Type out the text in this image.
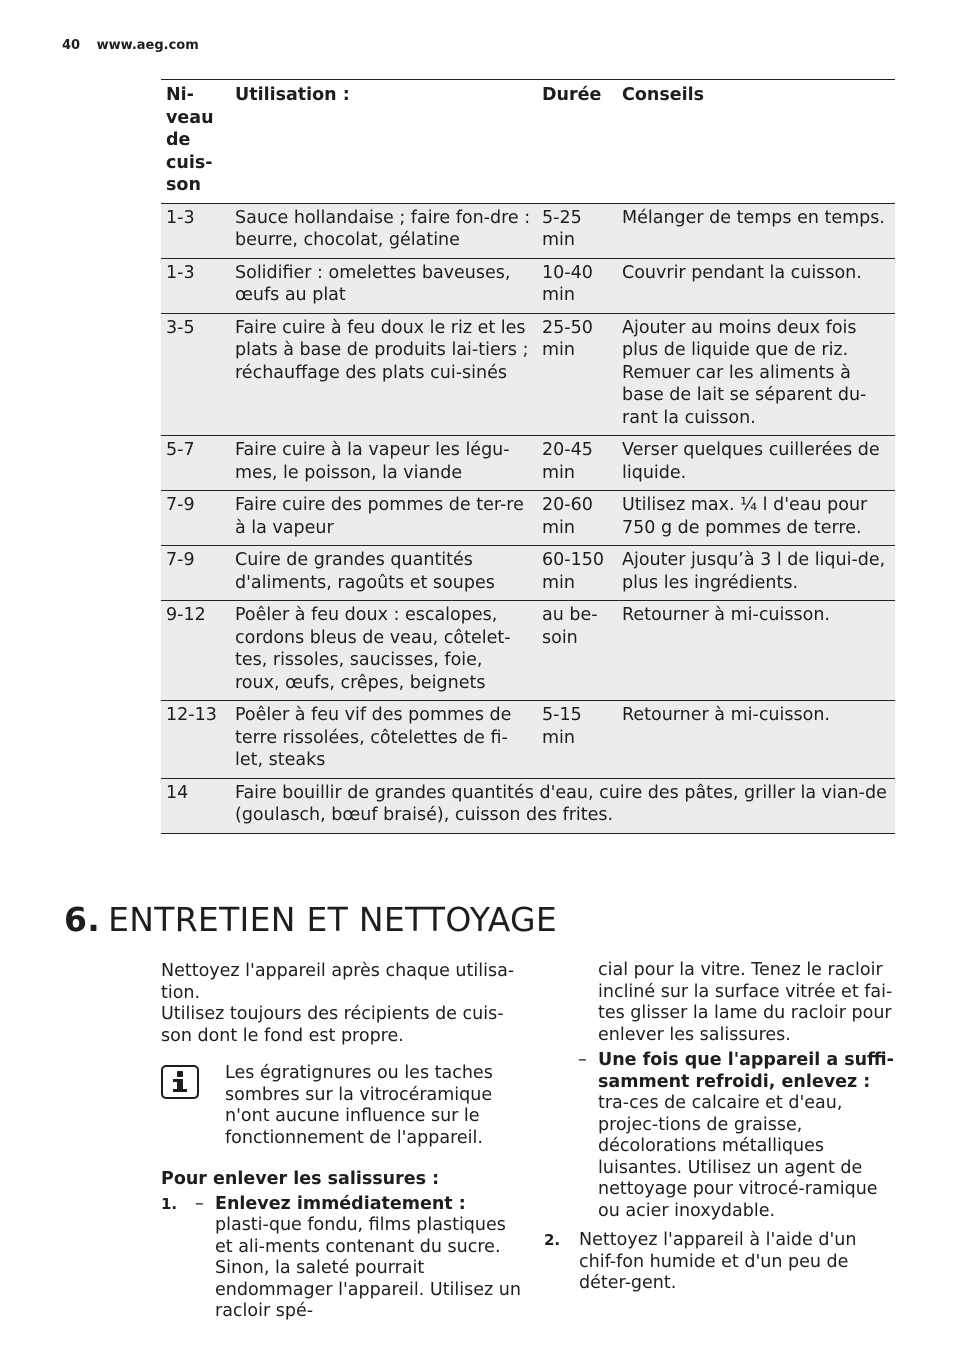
40 www.aeg.com
Ni-
veau
de
cuis-
son	Utilisation :	Durée	Conseils
1-3	Sauce hollandaise ; faire fon-dre : beurre, chocolat, gélatine	5-25 min	Mélanger de temps en temps.
1-3	Solidifier : omelettes baveuses, œufs au plat	10-40 min	Couvrir pendant la cuisson.
3-5	Faire cuire à feu doux le riz et les plats à base de produits lai-tiers ; réchauffage des plats cui-sinés	25-50 min	Ajouter au moins deux fois plus de liquide que de riz. Remuer car les aliments à base de lait se séparent du-rant la cuisson.
5-7	Faire cuire à la vapeur les légu-mes, le poisson, la viande	20-45 min	Verser quelques cuillerées de liquide.
7-9	Faire cuire des pommes de ter-re à la vapeur	20-60 min	Utilisez max. ¼ l d'eau pour 750 g de pommes de terre.
7-9	Cuire de grandes quantités d'aliments, ragoûts et soupes	60-150 min	Ajouter jusqu’à 3 l de liqui-de, plus les ingrédients.
9-12	Poêler à feu doux : escalopes, cordons bleus de veau, côtelet-tes, rissoles, saucisses, foie, roux, œufs, crêpes, beignets	au be-soin	Retourner à mi-cuisson.
12-13	Poêler à feu vif des pommes de terre rissolées, côtelettes de fi-let, steaks	5-15 min	Retourner à mi-cuisson.
14	Faire bouillir de grandes quantités d'eau, cuire des pâtes, griller la vian-de (goulasch, bœuf braisé), cuisson des frites.		
6. ENTRETIEN ET NETTOYAGE

Nettoyez l'appareil après chaque utilisa-tion.

Utilisez toujours des récipients de cuis-son dont le fond est propre.

Les égratignures ou les taches sombres sur la vitrocéramique n'ont aucune influence sur le fonctionnement de l'appareil.

Pour enlever les salissures :

1. – Enlevez immédiatement : plasti-que fondu, films plastiques et ali-ments contenant du sucre. Sinon, la saleté pourrait endommager l'appareil. Utilisez un racloir spé-

cial pour la vitre. Tenez le racloir incliné sur la surface vitrée et fai-tes glisser la lame du racloir pour enlever les salissures.

– Une fois que l'appareil a suffi-samment refroidi, enlevez : tra-ces de calcaire et d'eau, projec-tions de graisse, décolorations métalliques luisantes. Utilisez un agent de nettoyage pour vitrocé-ramique ou acier inoxydable.
2. Nettoyez l'appareil à l'aide d'un chif-fon humide et d'un peu de déter-gent.
